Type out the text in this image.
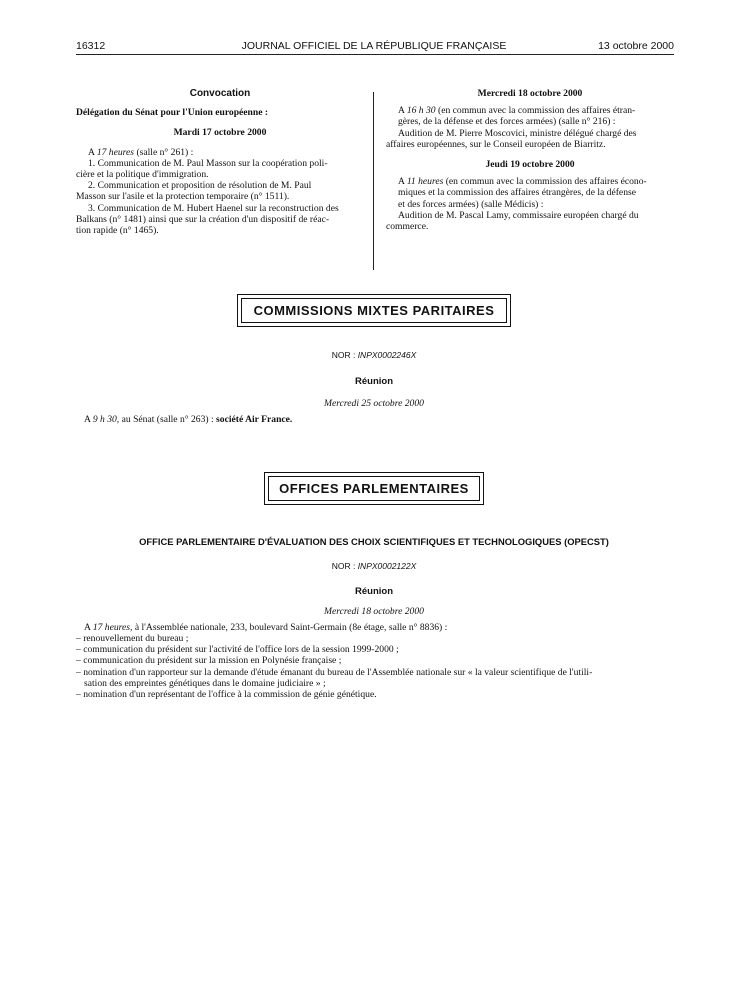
16312	JOURNAL OFFICIEL DE LA RÉPUBLIQUE FRANÇAISE	13 octobre 2000

Convocation

Délégation du Sénat pour l'Union européenne :

Mardi 17 octobre 2000

A 17 heures (salle n° 261) :

1. Communication de M. Paul Masson sur la coopération poli-

cière et la politique d'immigration.

2. Communication et proposition de résolution de M. Paul

Masson sur l'asile et la protection temporaire (n° 1511).

3. Communication de M. Hubert Haenel sur la reconstruction des

Balkans (n° 1481) ainsi que sur la création d'un dispositif de réac-

tion rapide (n° 1465).

Mercredi 18 octobre 2000

A 16 h 30 (en commun avec la commission des affaires étran-

gères, de la défense et des forces armées) (salle n° 216) :

Audition de M. Pierre Moscovici, ministre délégué chargé des

affaires européennes, sur le Conseil européen de Biarritz.

Jeudi 19 octobre 2000

A 11 heures (en commun avec la commission des affaires écono-

miques et la commission des affaires étrangères, de la défense

et des forces armées) (salle Médicis) :

Audition de M. Pascal Lamy, commissaire européen chargé du

commerce.

COMMISSIONS MIXTES PARITAIRES
NOR : INPX0002246X
Réunion
Mercredi 25 octobre 2000
A 9 h 30, au Sénat (salle n° 263) : société Air France.
OFFICES PARLEMENTAIRES
OFFICE PARLEMENTAIRE D'ÉVALUATION DES CHOIX SCIENTIFIQUES ET TECHNOLOGIQUES (OPECST)
NOR : INPX0002122X
Réunion
Mercredi 18 octobre 2000
A 17 heures, à l'Assemblée nationale, 233, boulevard Saint-Germain (8e étage, salle n° 8836) :
– renouvellement du bureau ;
– communication du président sur l'activité de l'office lors de la session 1999-2000 ;
– communication du président sur la mission en Polynésie française ;
– nomination d'un rapporteur sur la demande d'étude émanant du bureau de l'Assemblée nationale sur « la valeur scientifique de l'utili-
sation des empreintes génétiques dans le domaine judiciaire » ;
– nomination d'un représentant de l'office à la commission de génie génétique.
